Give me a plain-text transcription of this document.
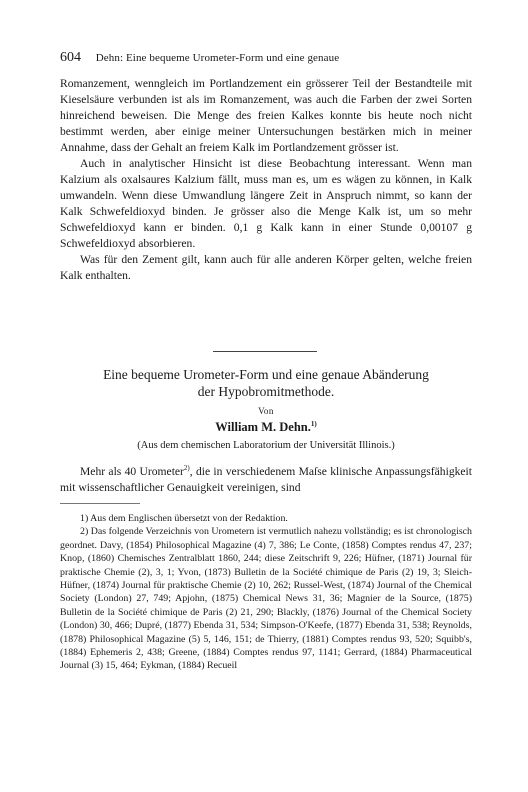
604 Dehn: Eine bequeme Urometer-Form und eine genaue

Romanzement, wenngleich im Portlandzement ein grösserer Teil der Bestandteile mit Kieselsäure verbunden ist als im Romanzement, was auch die Farben der zwei Sorten hinreichend beweisen. Die Menge des freien Kalkes konnte bis heute noch nicht bestimmt werden, aber einige meiner Untersuchungen bestärken mich in meiner Annahme, dass der Gehalt an freiem Kalk im Portlandzement grösser ist.

Auch in analytischer Hinsicht ist diese Beobachtung interessant. Wenn man Kalzium als oxalsaures Kalzium fällt, muss man es, um es wägen zu können, in Kalk umwandeln. Wenn diese Umwandlung längere Zeit in Anspruch nimmt, so kann der Kalk Schwefeldioxyd binden. Je grösser also die Menge Kalk ist, um so mehr Schwefeldioxyd kann er binden. 0,1 g Kalk kann in einer Stunde 0,00107 g Schwefeldioxyd absorbieren.

Was für den Zement gilt, kann auch für alle anderen Körper gelten, welche freien Kalk enthalten.

Eine bequeme Urometer-Form und eine genaue Abänderung
der Hypobromitmethode.
Von
William M. Dehn.$^{1)}$
(Aus dem chemischen Laboratorium der Universität Illinois.)

Mehr als 40 Urometer$^{2)}$, die in verschiedenem Maſse klinische Anpassungsfähigkeit mit wissenschaftlicher Genauigkeit vereinigen, sind

1) Aus dem Englischen übersetzt von der Redaktion.

2) Das folgende Verzeichnis von Urometern ist vermutlich nahezu vollständig; es ist chronologisch geordnet. Davy, (1854) Philosophical Magazine (4) 7, 386; Le Conte, (1858) Comptes rendus 47, 237; Knop, (1860) Chemisches Zentralblatt 1860, 244; diese Zeitschrift 9, 226; Hüfner, (1871) Journal für praktische Chemie (2), 3, 1; Yvon, (1873) Bulletin de la Société chimique de Paris (2) 19, 3; Sleich-Hüfner, (1874) Journal für praktische Chemie (2) 10, 262; Russel-West, (1874) Journal of the Chemical Society (London) 27, 749; Apjohn, (1875) Chemical News 31, 36; Magnier de la Source, (1875) Bulletin de la Société chimique de Paris (2) 21, 290; Blackly, (1876) Journal of the Chemical Society (London) 30, 466; Dupré, (1877) Ebenda 31, 534; Simpson-O'Keefe, (1877) Ebenda 31, 538; Reynolds, (1878) Philosophical Magazine (5) 5, 146, 151; de Thierry, (1881) Comptes rendus 93, 520; Squibb's, (1884) Ephemeris 2, 438; Greene, (1884) Comptes rendus 97, 1141; Gerrard, (1884) Pharmaceutical Journal (3) 15, 464; Eykman, (1884) Recueil
